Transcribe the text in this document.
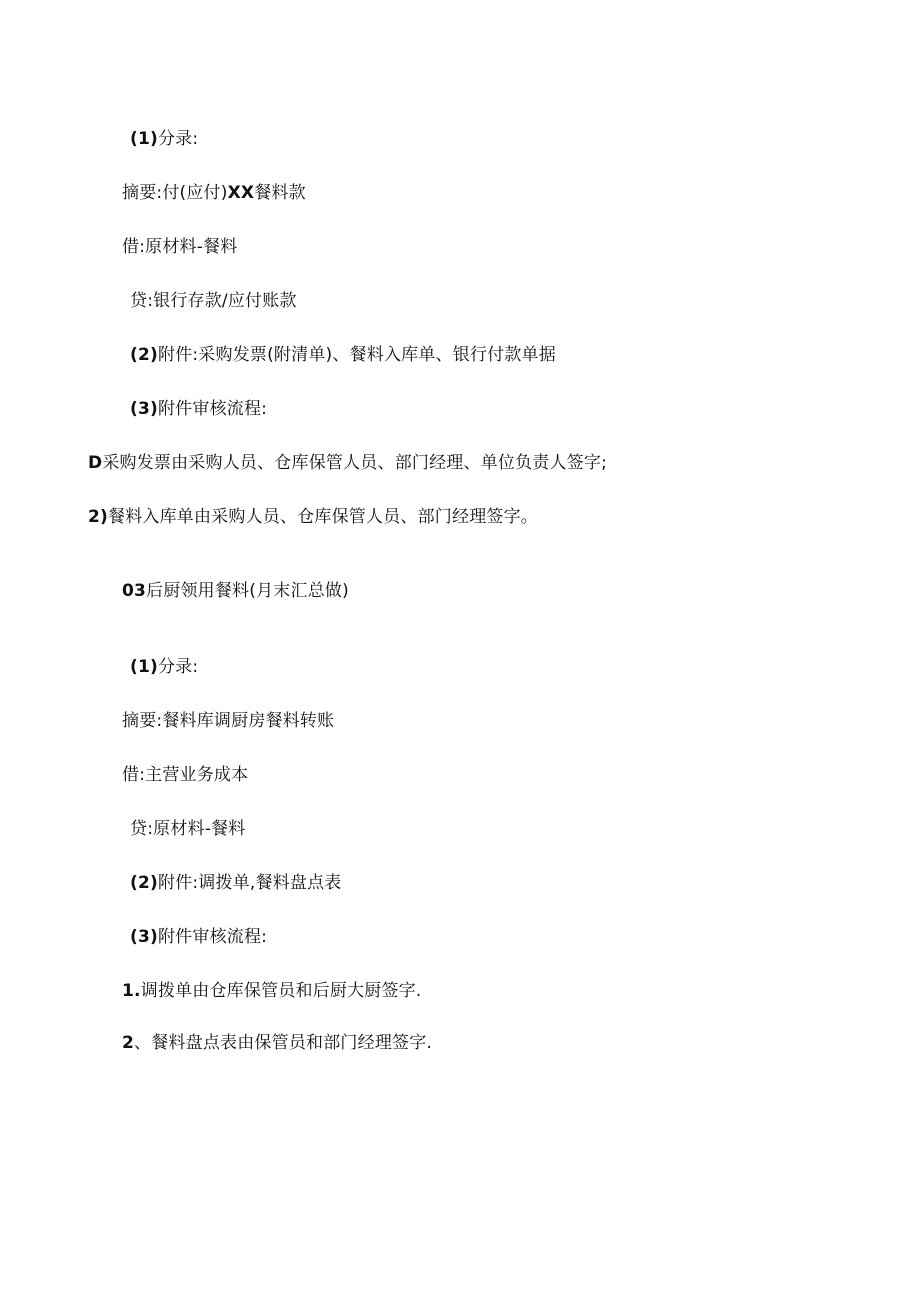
(1)分录:
摘要:付(应付)XX餐料款
借:原材料-餐料
贷:银行存款/应付账款
(2)附件:采购发票(附清单)、餐料入库单、银行付款单据
(3)附件审核流程:
D采购发票由采购人员、仓库保管人员、部门经理、单位负责人签字;
2)餐料入库单由采购人员、仓库保管人员、部门经理签字。
03后厨领用餐料(月末汇总做)
(1)分录:
摘要:餐料库调厨房餐料转账
借:主营业务成本
贷:原材料-餐料
(2)附件:调拨单,餐料盘点表
(3)附件审核流程:
1.调拨单由仓库保管员和后厨大厨签字.
2、餐料盘点表由保管员和部门经理签字.
